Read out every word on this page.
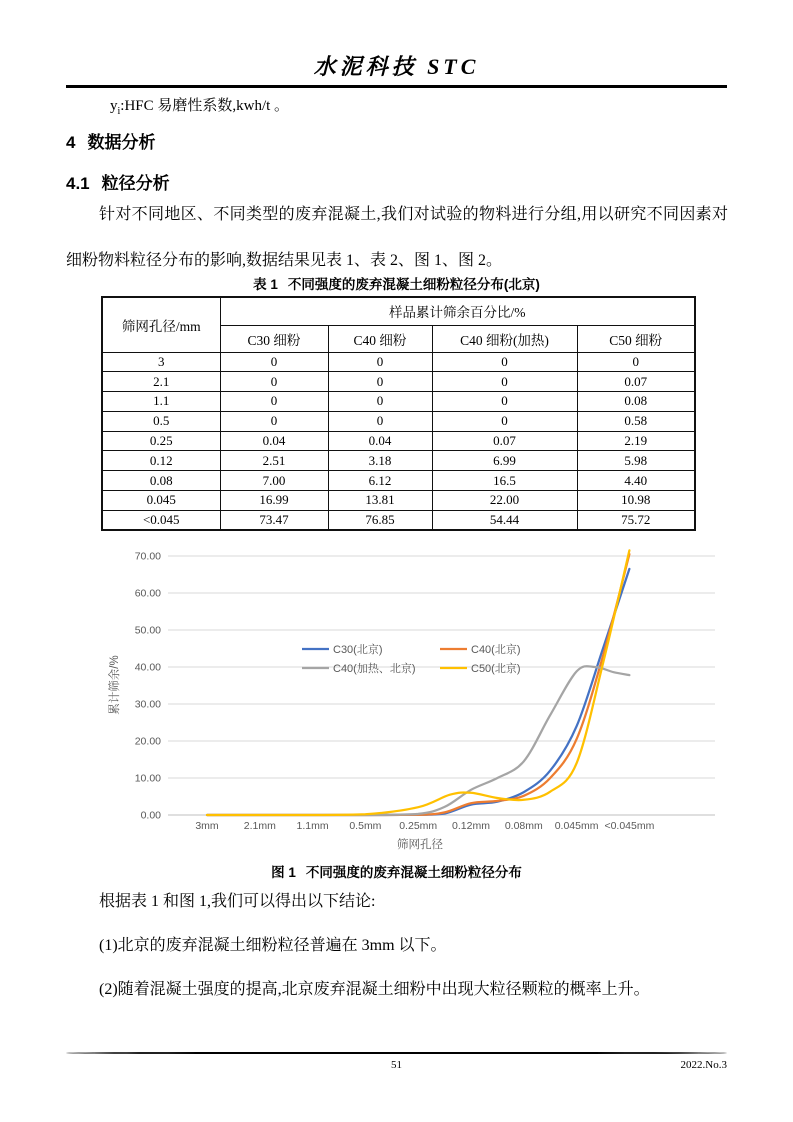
水泥科技 STC
$y_i:HFC$ 易磨性系数,kwh/t 。
4 数据分析
4.1 粒径分析
针对不同地区、不同类型的废弃混凝土,我们对试验的物料进行分组,用以研究不同因素对细粉物料粒径分布的影响,数据结果见表 1、表 2、图 1、图 2。
表 1 不同强度的废弃混凝土细粉粒径分布(北京)
筛网孔径/mm	样品累计筛余百分比/%			
	C30 细粉	C40 细粉	C40 细粉(加热)	C50 细粉
3	0	0	0	0
2.1	0	0	0	0.07
1.1	0	0	0	0.08
0.5	0	0	0	0.58
0.25	0.04	0.04	0.07	2.19
0.12	2.51	3.18	6.99	5.98
0.08	7.00	6.12	16.5	4.40
0.045	16.99	13.81	22.00	10.98
<0.045	73.47	76.85	54.44	75.72
0.00
10.00
20.00
30.00
40.00
50.00
60.00
70.00
3mm 2.1mm 1.1mm 0.5mm 0.25mm 0.12mm 0.08mm 0.045mm <0.045mm
筛网孔径
累计筛余/%
C30(北京)	C40(北京)
C40(加热、北京)	C50(北京)
图 1 不同强度的废弃混凝土细粉粒径分布

根据表 1 和图 1,我们可以得出以下结论:

(1)北京的废弃混凝土细粉粒径普遍在 3mm 以下。

(2)随着混凝土强度的提高,北京废弃混凝土细粉中出现大粒径颗粒的概率上升。

51	2022.No.3
